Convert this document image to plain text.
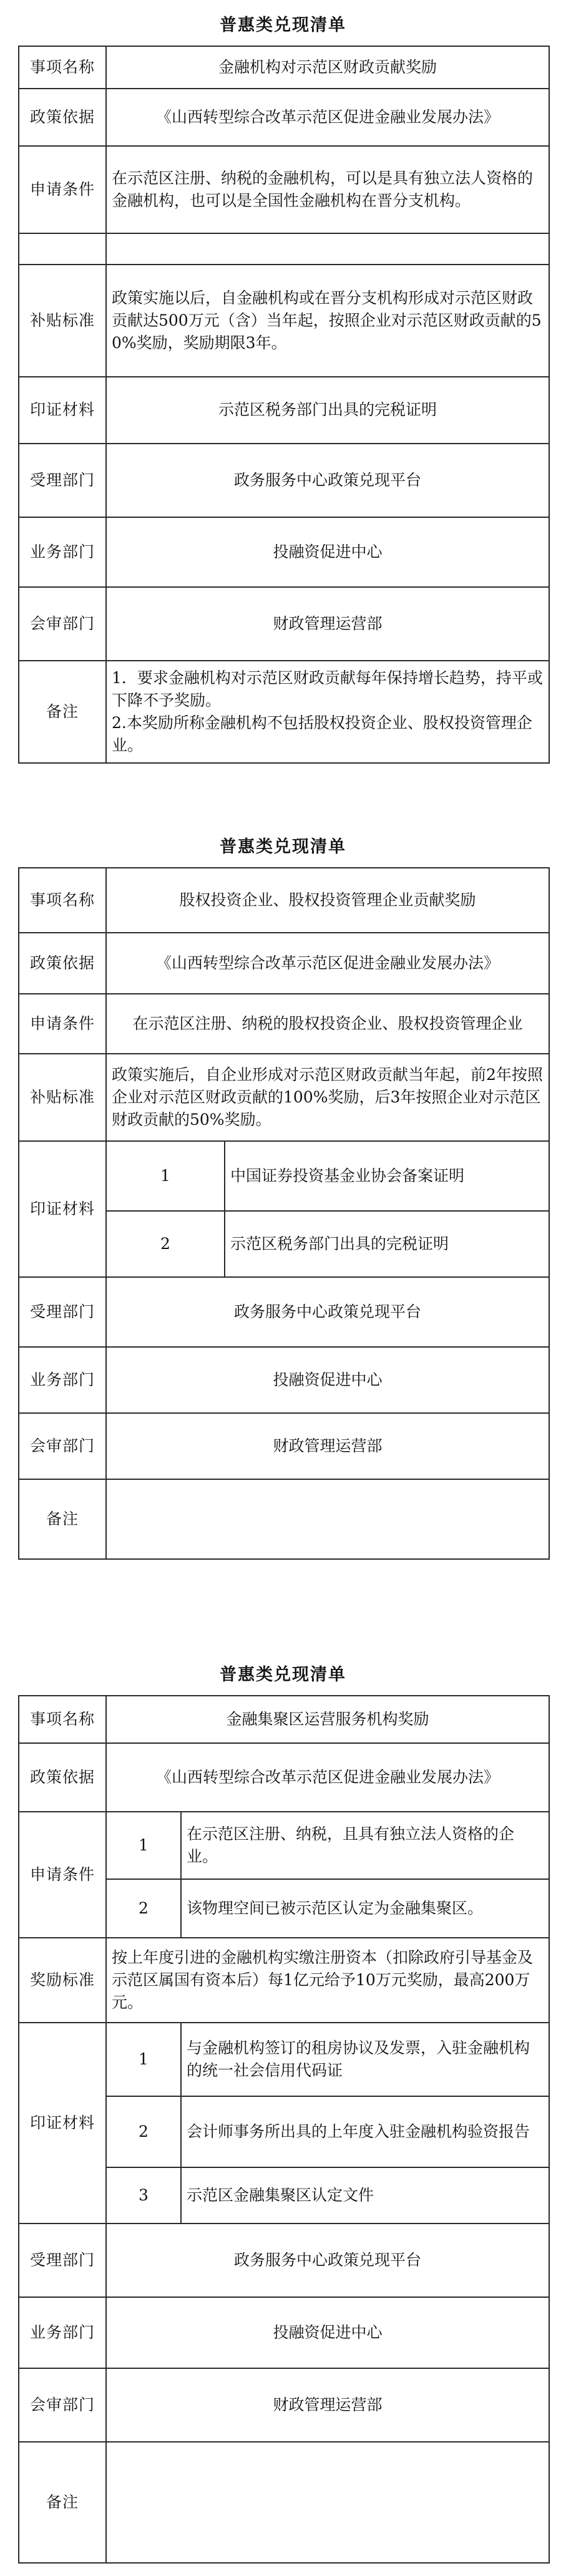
普惠类兑现清单
事项名称	金融机构对示范区财政贡献奖励
政策依据	《山西转型综合改革示范区促进金融业发展办法》
申请条件	在示范区注册、纳税的金融机构，可以是具有独立法人资格的金融机构，也可以是全国性金融机构在晋分支机构。

补贴标准	政策实施以后，自金融机构或在晋分支机构形成对示范区财政贡献达500万元（含）当年起，按照企业对示范区财政贡献的50%奖励，奖励期限3年。
印证材料	示范区税务部门出具的完税证明
受理部门	政务服务中心政策兑现平台
业务部门	投融资促进中心
会审部门	财政管理运营部
备注	1．要求金融机构对示范区财政贡献每年保持增长趋势，持平或下降不予奖励。
2.本奖励所称金融机构不包括股权投资企业、股权投资管理企业。
普惠类兑现清单
事项名称	股权投资企业、股权投资管理企业贡献奖励	
政策依据	《山西转型综合改革示范区促进金融业发展办法》	
申请条件	在示范区注册、纳税的股权投资企业、股权投资管理企业	
补贴标准	政策实施后，自企业形成对示范区财政贡献当年起，前2年按照企业对示范区财政贡献的100%奖励，后3年按照企业对示范区财政贡献的50%奖励。	
印证材料	1	中国证券投资基金业协会备案证明
	2	示范区税务部门出具的完税证明
受理部门	政务服务中心政策兑现平台	
业务部门	投融资促进中心	
会审部门	财政管理运营部	
备注		
普惠类兑现清单
事项名称	金融集聚区运营服务机构奖励	
政策依据	《山西转型综合改革示范区促进金融业发展办法》	
申请条件	1	在示范区注册、纳税，且具有独立法人资格的企业。
	2	该物理空间已被示范区认定为金融集聚区。
奖励标准	按上年度引进的金融机构实缴注册资本（扣除政府引导基金及示范区属国有资本后）每1亿元给予10万元奖励，最高200万元。	
印证材料	1	与金融机构签订的租房协议及发票，入驻金融机构的统一社会信用代码证
	2	会计师事务所出具的上年度入驻金融机构验资报告
	3	示范区金融集聚区认定文件
受理部门	政务服务中心政策兑现平台	
业务部门	投融资促进中心	
会审部门	财政管理运营部	
备注		
